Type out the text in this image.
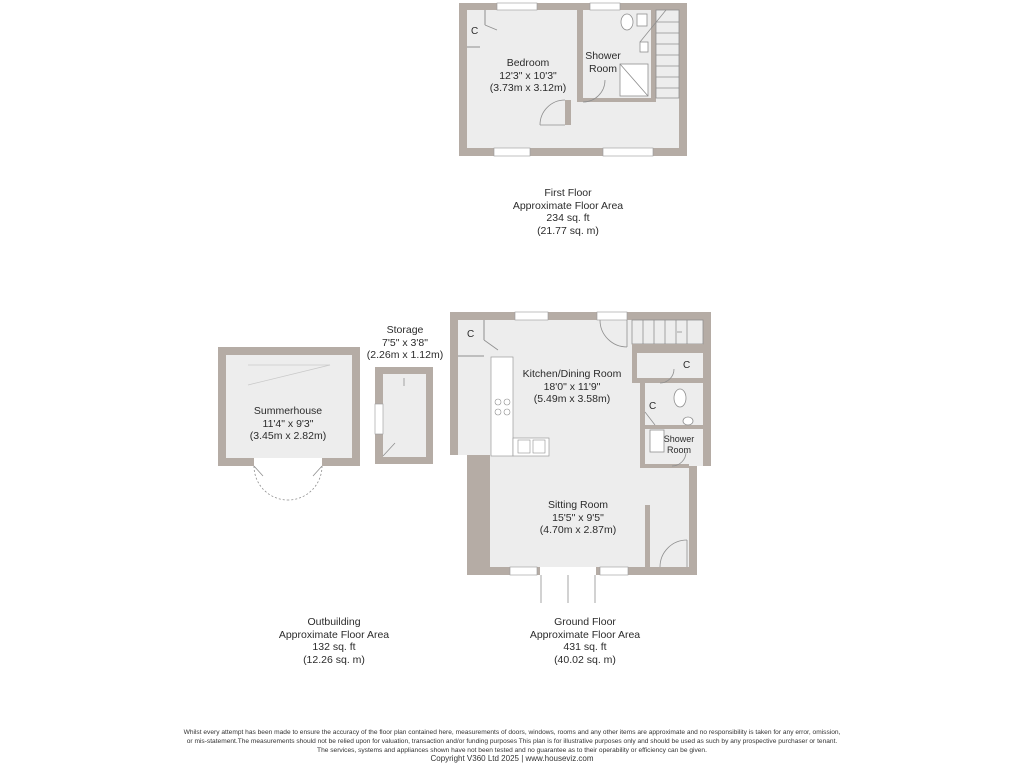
C
Bedroom
12'3" x 10'3"
(3.73m x 3.12m)
Shower
Room
First Floor
Approximate Floor Area
234 sq. ft
(21.77 sq. m)
Storage
7'5" x 3'8"
(2.26m x 1.12m)
Summerhouse
11'4" x 9'3"
(3.45m x 2.82m)
Outbuilding
Approximate Floor Area
132 sq. ft
(12.26 sq. m)
C
C
C
Kitchen/Dining Room
18'0" x 11'9"
(5.49m x 3.58m)
Shower
Room
Sitting Room
15'5" x 9'5"
(4.70m x 2.87m)
Ground Floor
Approximate Floor Area
431 sq. ft
(40.02 sq. m)
Whilst every attempt has been made to ensure the accuracy of the floor plan contained here, measurements of doors, windows, rooms and any other items are approximate and no responsibility is taken for any error, omission,
or mis-statement.The measurements should not be relied upon for valuation, transaction and/or funding purposes This plan is for illustrative purposes only and should be used as such by any prospective purchaser or tenant.
The services, systems and appliances shown have not been tested and no guarantee as to their operability or efficiency can be given.
Copyright V360 Ltd 2025 | www.houseviz.com
